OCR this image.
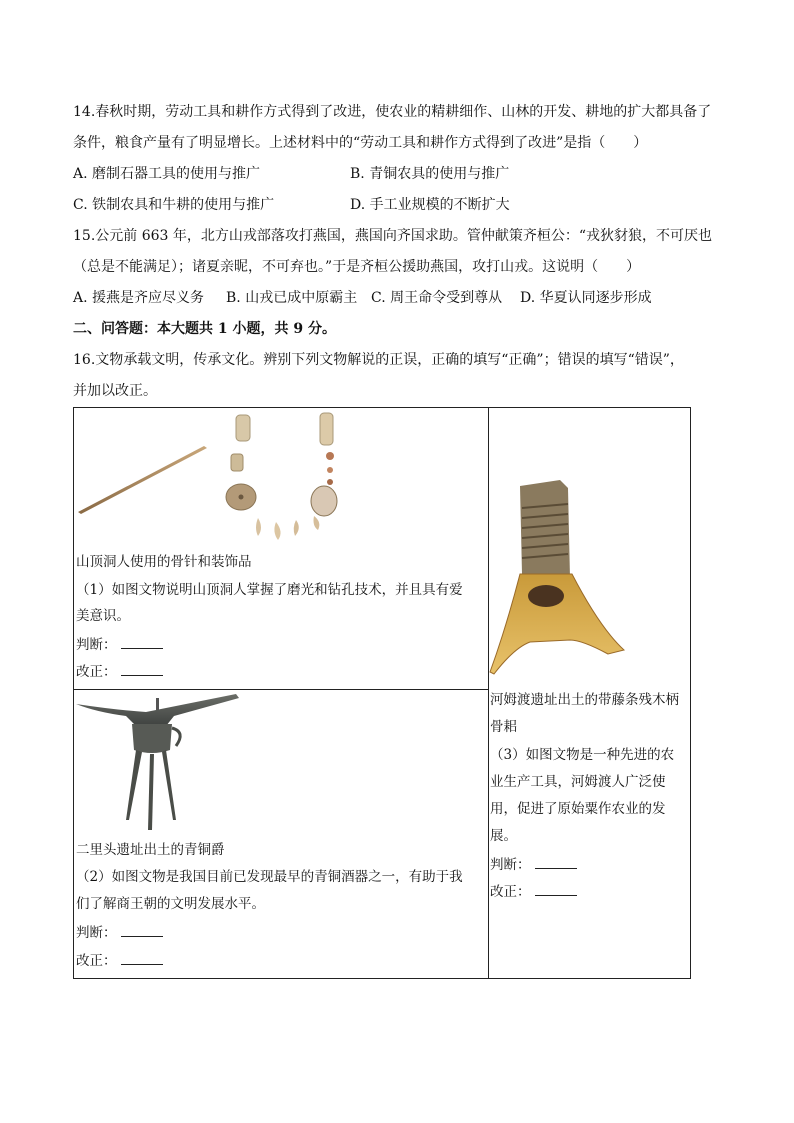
14.春秋时期，劳动工具和耕作方式得到了改进，使农业的精耕细作、山林的开发、耕地的扩大都具备了
条件，粮食产量有了明显增长。上述材料中的“劳动工具和耕作方式得到了改进”是指（　　）
A. 磨制石器工具的使用与推广	B. 青铜农具的使用与推广
C. 铁制农具和牛耕的使用与推广	D. 手工业规模的不断扩大
15.公元前 663 年，北方山戎部落攻打燕国，燕国向齐国求助。管仲献策齐桓公：“戎狄豺狼，不可厌也
（总是不能满足）；诸夏亲昵，不可弃也。”于是齐桓公援助燕国，攻打山戎。这说明（　　）
A. 援燕是齐应尽义务 B. 山戎已成中原霸主 C. 周王命令受到尊从 D. 华夏认同逐步形成
二、问答题：本大题共 1 小题，共 9 分。
16.文物承载文明，传承文化。辨别下列文物解说的正误，正确的填写“正确”；错误的填写“错误”，
并加以改正。
山顶洞人使用的骨针和装饰品
（1）如图文物说明山顶洞人掌握了磨光和钻孔技术，并且具有爱
美意识。
判断：
改正：
二里头遗址出土的青铜爵
（2）如图文物是我国目前已发现最早的青铜酒器之一，有助于我
们了解商王朝的文明发展水平。
判断：
改正：
河姆渡遗址出土的带藤条残木柄
骨耜
（3）如图文物是一种先进的农
业生产工具，河姆渡人广泛使
用，促进了原始粟作农业的发
展。
判断：
改正：
